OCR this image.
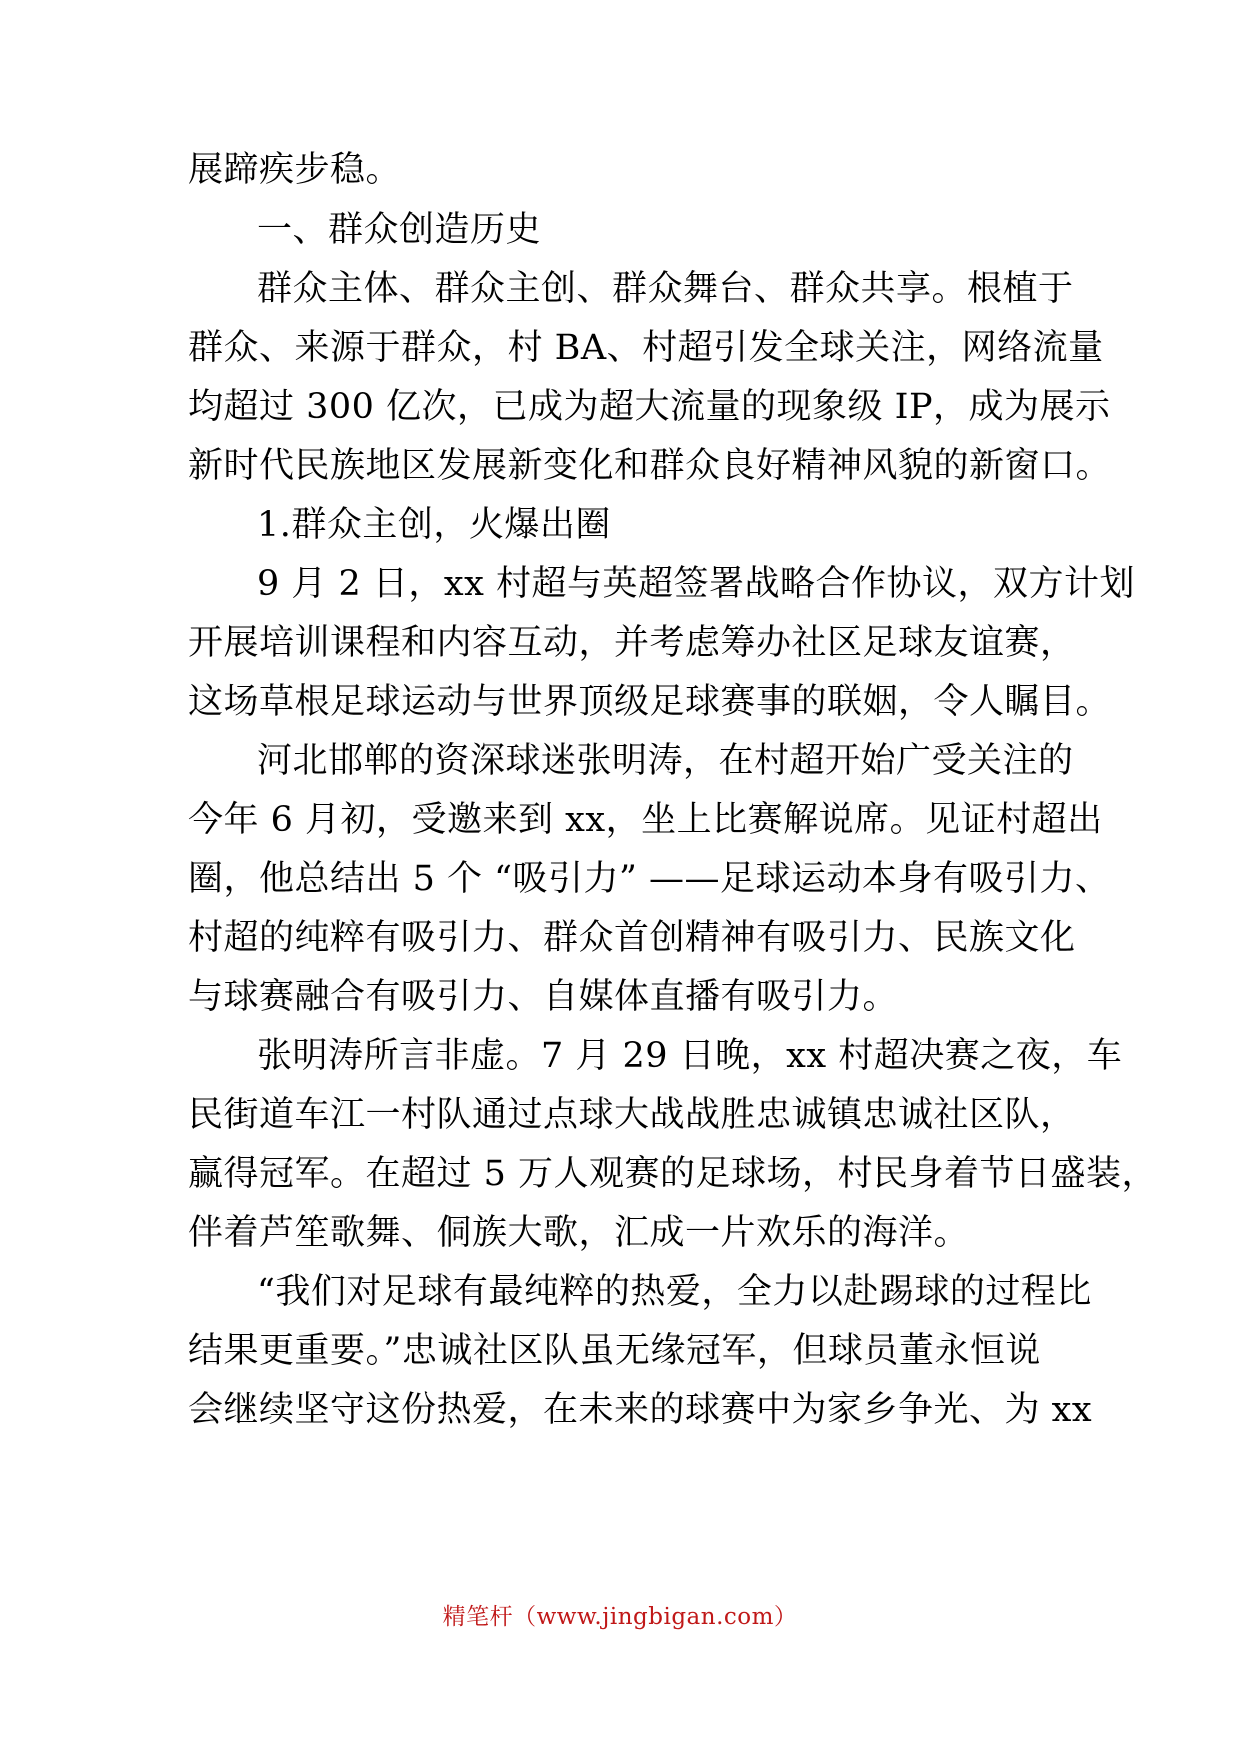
展蹄疾步稳。
一、群众创造历史
群众主体、群众主创、群众舞台、群众共享。根植于
群众、来源于群众，村 BA、村超引发全球关注，网络流量
均超过 300 亿次，已成为超大流量的现象级 IP，成为展示
新时代民族地区发展新变化和群众良好精神风貌的新窗口。
1.群众主创，火爆出圈
9 月 2 日，xx 村超与英超签署战略合作协议，双方计划
开展培训课程和内容互动，并考虑筹办社区足球友谊赛，
这场草根足球运动与世界顶级足球赛事的联姻，令人瞩目。
河北邯郸的资深球迷张明涛，在村超开始广受关注的
今年 6 月初，受邀来到 xx，坐上比赛解说席。见证村超出
圈，他总结出 5 个 “吸引力” ——足球运动本身有吸引力、
村超的纯粹有吸引力、群众首创精神有吸引力、民族文化
与球赛融合有吸引力、自媒体直播有吸引力。
张明涛所言非虚。7 月 29 日晚，xx 村超决赛之夜，车
民街道车江一村队通过点球大战战胜忠诚镇忠诚社区队，
赢得冠军。在超过 5 万人观赛的足球场，村民身着节日盛装，
伴着芦笙歌舞、侗族大歌，汇成一片欢乐的海洋。
“我们对足球有最纯粹的热爱，全力以赴踢球的过程比
结果更重要。”忠诚社区队虽无缘冠军，但球员董永恒说
会继续坚守这份热爱，在未来的球赛中为家乡争光、为 xx
精笔杆（www.jingbigan.com）
